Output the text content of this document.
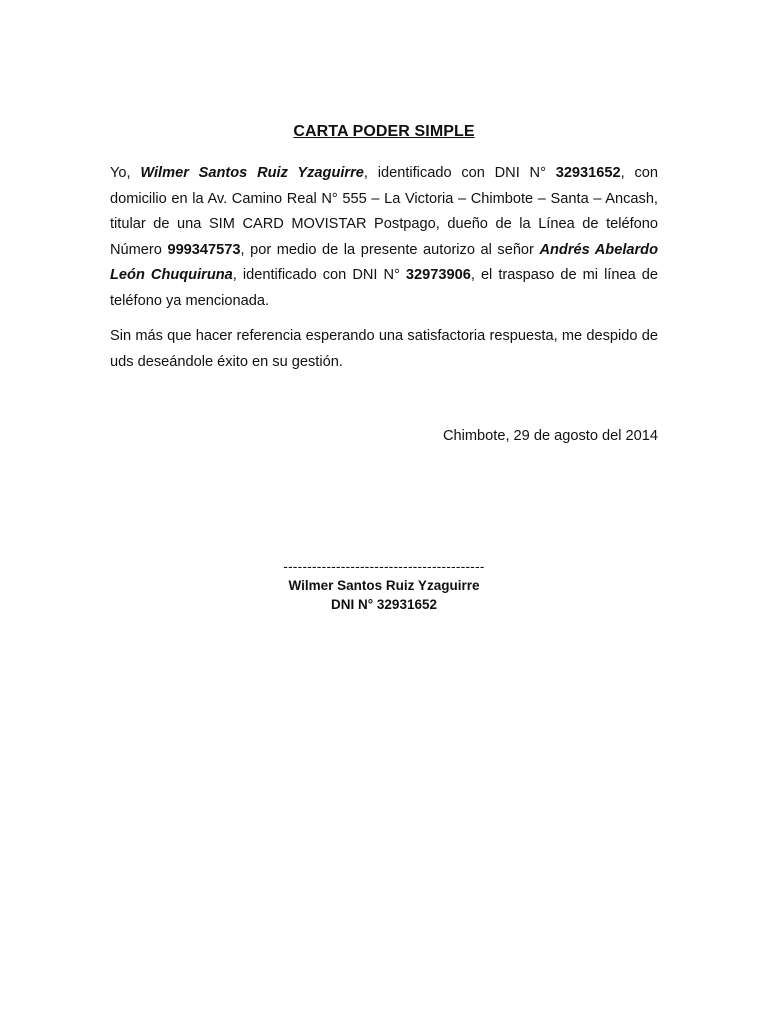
CARTA PODER SIMPLE

Yo, Wilmer Santos Ruiz Yzaguirre, identificado con DNI N° 32931652, con domicilio en la Av. Camino Real N° 555 – La Victoria – Chimbote – Santa – Ancash, titular de una SIM CARD MOVISTAR Postpago, dueño de la Línea de teléfono Número 999347573, por medio de la presente autorizo al señor Andrés Abelardo León Chuquiruna, identificado con DNI N° 32973906, el traspaso de mi línea de teléfono ya mencionada.

Sin más que hacer referencia esperando una satisfactoria respuesta, me despido de uds deseándole éxito en su gestión.

Chimbote, 29 de agosto del 2014

------------------------------------------
Wilmer Santos Ruiz Yzaguirre
DNI N° 32931652
